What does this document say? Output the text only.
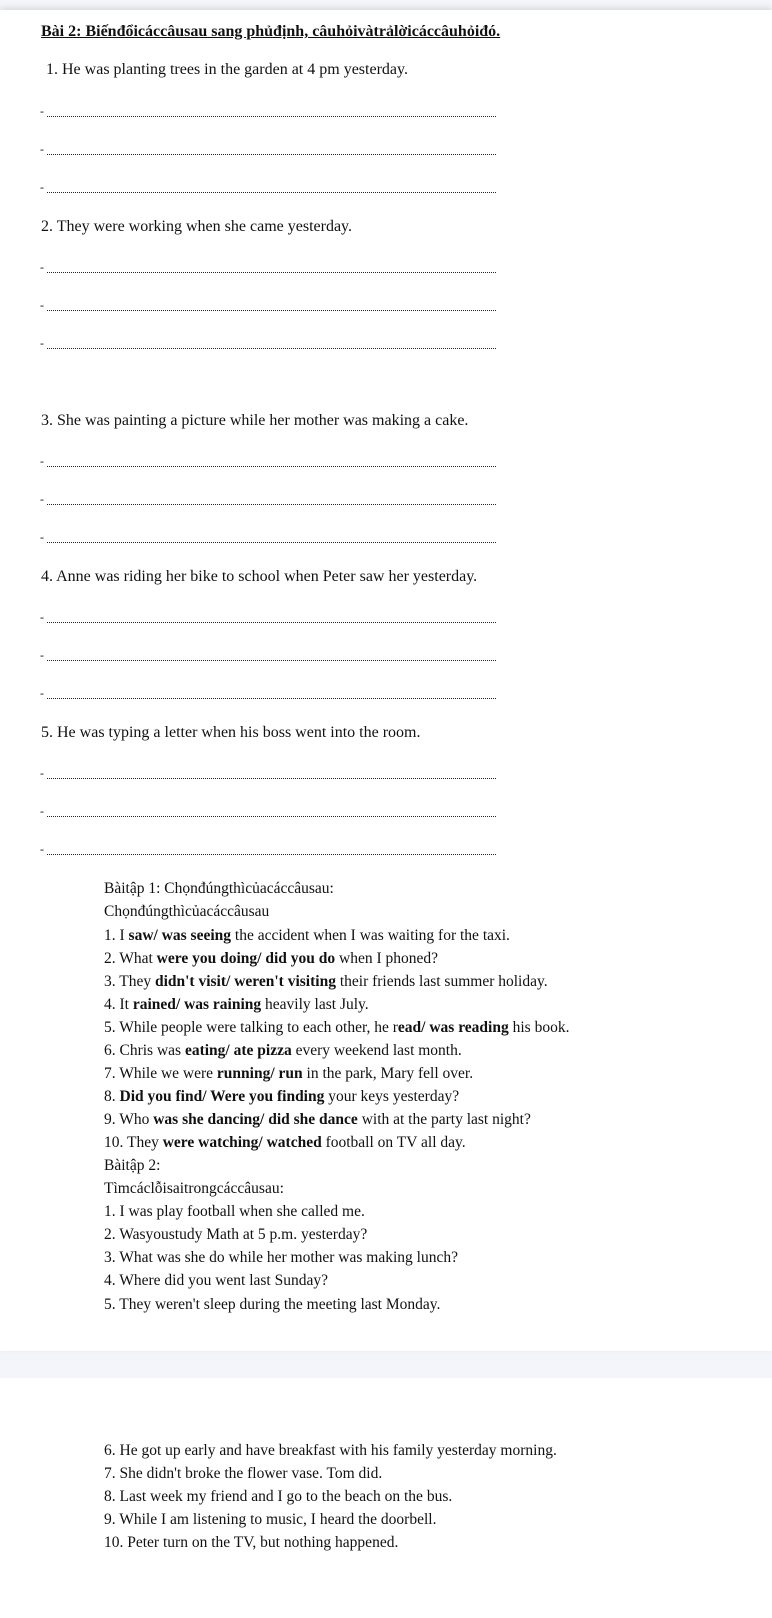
Bài 2: Biếnđổicáccâusau sang phủđịnh, câuhỏivàtrảlờicáccâuhỏiđó.
1. He was planting trees in the garden at 4 pm yesterday.
-
-
-
2. They were working when she came yesterday.
-
-
-
3. She was painting a picture while her mother was making a cake.
-
-
-
4. Anne was riding her bike to school when Peter saw her yesterday.
-
-
-
5. He was typing a letter when his boss went into the room.
-
-
-
Bàitập 1: Chọnđúngthìcủacáccâusau:
Chọnđúngthìcủacáccâusau
1. I saw/ was seeing the accident when I was waiting for the taxi.
2. What were you doing/ did you do when I phoned?
3. They didn't visit/ weren't visiting their friends last summer holiday.
4. It rained/ was raining heavily last July.
5. While people were talking to each other, he read/ was reading his book.
6. Chris was eating/ ate pizza every weekend last month.
7. While we were running/ run in the park, Mary fell over.
8. Did you find/ Were you finding your keys yesterday?
9. Who was she dancing/ did she dance with at the party last night?
10. They were watching/ watched football on TV all day.
Bàitập 2:
Tìmcáclỗisaitrongcáccâusau:
1. I was play football when she called me.
2. Wasyoustudy Math at 5 p.m. yesterday?
3. What was she do while her mother was making lunch?
4. Where did you went last Sunday?
5. They weren't sleep during the meeting last Monday.
6. He got up early and have breakfast with his family yesterday morning.
7. She didn't broke the flower vase. Tom did.
8. Last week my friend and I go to the beach on the bus.
9. While I am listening to music, I heard the doorbell.
10. Peter turn on the TV, but nothing happened.
